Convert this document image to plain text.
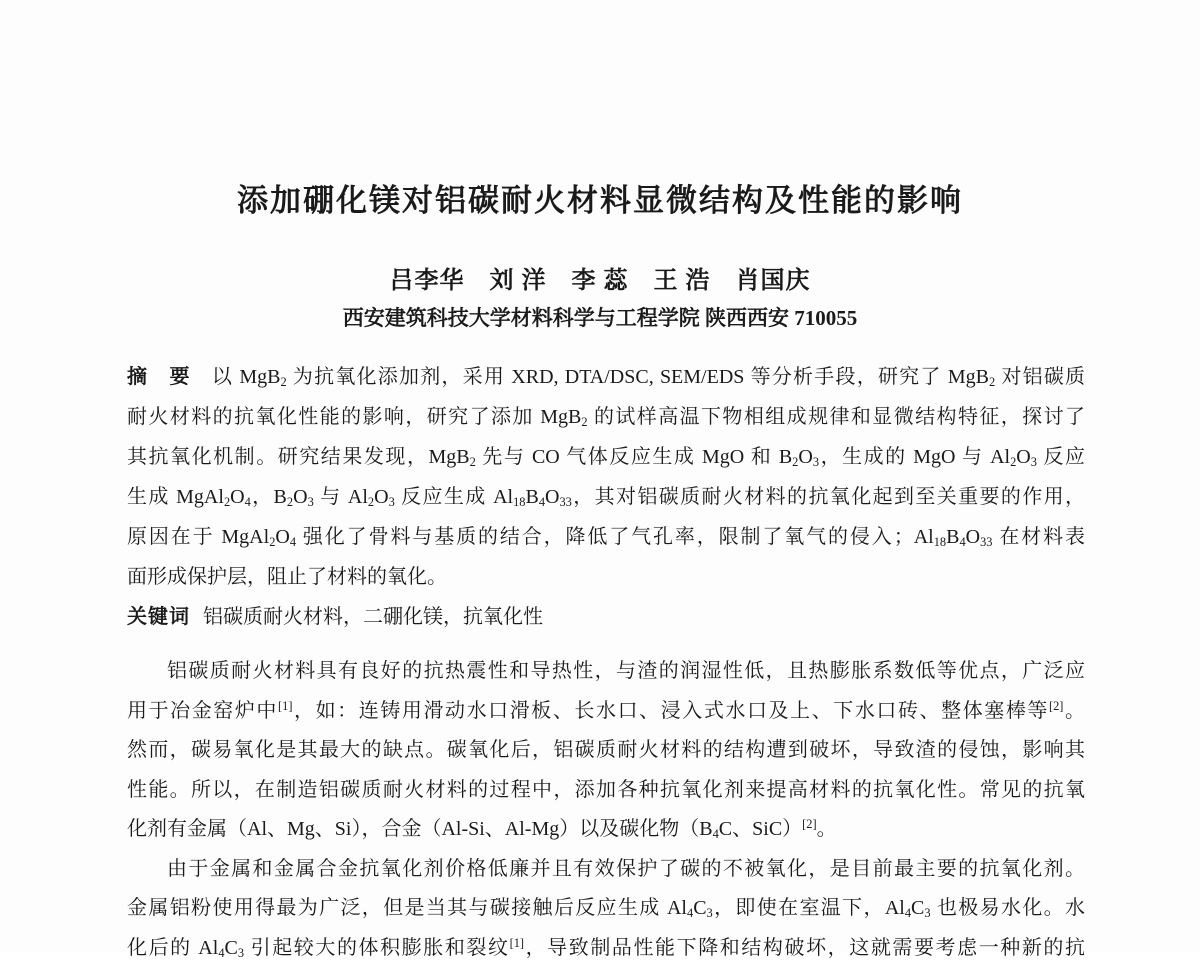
添加硼化镁对铝碳耐火材料显微结构及性能的影响
吕李华　刘 洋　李 蕊　王 浩　肖国庆
西安建筑科技大学材料科学与工程学院 陕西西安 710055
摘　要　以 MgB$_2$ 为抗氧化添加剂，采用 XRD, DTA/DSC, SEM/EDS 等分析手段，研究了 MgB$_2$ 对铝碳质
耐火材料的抗氧化性能的影响，研究了添加 MgB$_2$ 的试样高温下物相组成规律和显微结构特征，探讨了
其抗氧化机制。研究结果发现，MgB$_2$ 先与 CO 气体反应生成 MgO 和 $B_2O_3$，生成的 MgO 与 $Al_2O_3$ 反应
生成 $MgAl_2O_4$，$B_2O_3$ 与 $Al_2O_3$ 反应生成 $Al_{18}B_4O_{33}$，其对铝碳质耐火材料的抗氧化起到至关重要的作用，
原因在于 $MgAl_2O_4$ 强化了骨料与基质的结合，降低了气孔率，限制了氧气的侵入；$Al_{18}B_4O_{33}$ 在材料表
面形成保护层，阻止了材料的氧化。
关键词 铝碳质耐火材料，二硼化镁，抗氧化性
铝碳质耐火材料具有良好的抗热震性和导热性，与渣的润湿性低，且热膨胀系数低等优点，广泛应
用于冶金窑炉中[1]，如：连铸用滑动水口滑板、长水口、浸入式水口及上、下水口砖、整体塞棒等[2]。
然而，碳易氧化是其最大的缺点。碳氧化后，铝碳质耐火材料的结构遭到破坏，导致渣的侵蚀，影响其
性能。所以，在制造铝碳质耐火材料的过程中，添加各种抗氧化剂来提高材料的抗氧化性。常见的抗氧
化剂有金属（Al、Mg、Si），合金（Al-Si、Al-Mg）以及碳化物（$B_4C$、SiC）[2]。
由于金属和金属合金抗氧化剂价格低廉并且有效保护了碳的不被氧化，是目前最主要的抗氧化剂。
金属铝粉使用得最为广泛，但是当其与碳接触后反应生成 $Al_4C_3$，即使在室温下，$Al_4C_3$ 也极易水化。水
化后的 $Al_4C_3$ 引起较大的体积膨胀和裂纹[1]，导致制品性能下降和结构破坏，这就需要考虑一种新的抗
